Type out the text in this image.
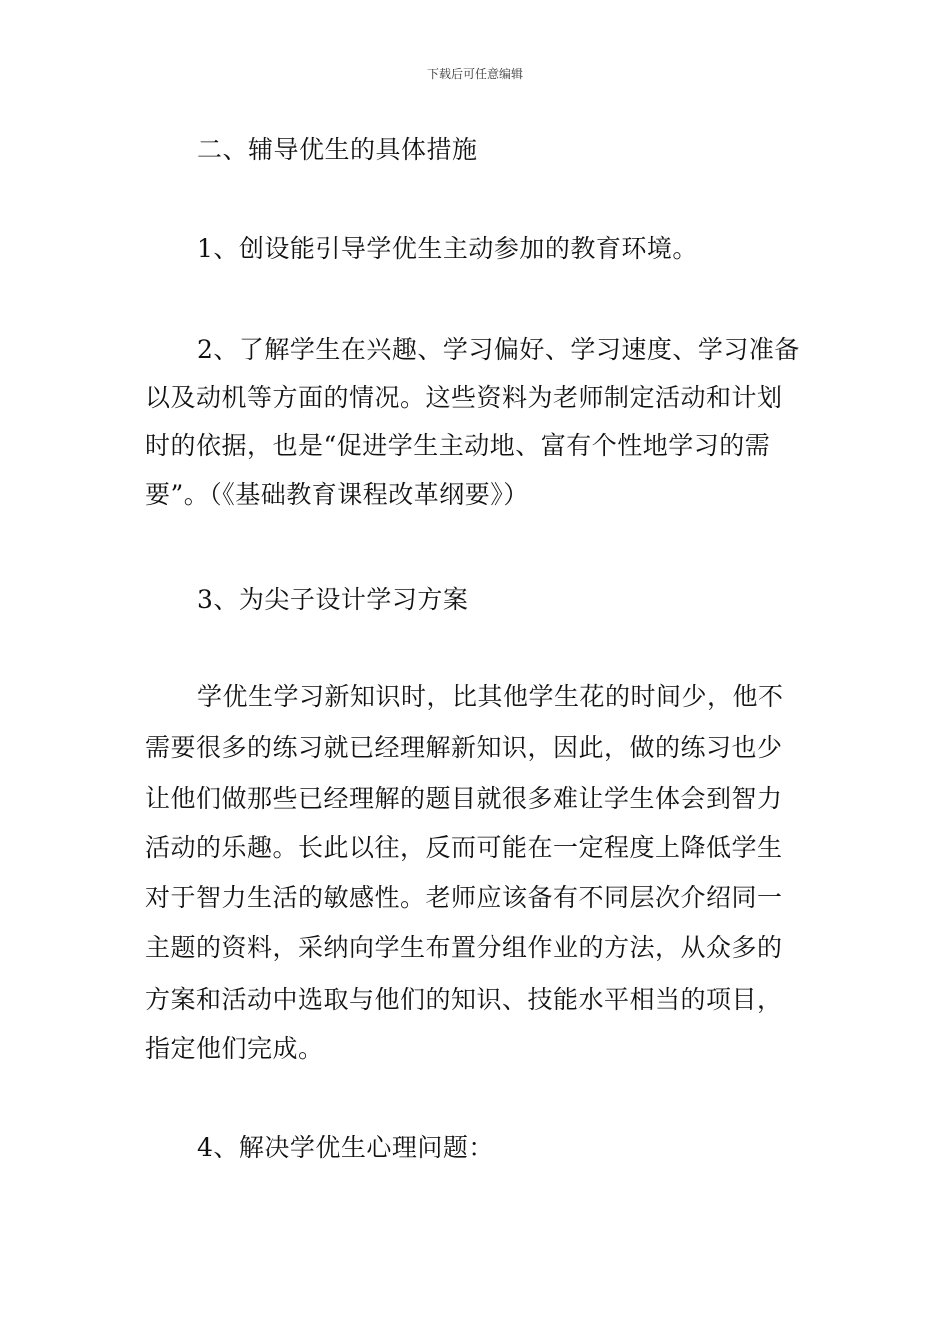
下载后可任意编辑
二、辅导优生的具体措施
1、创设能引导学优生主动参加的教育环境。
2、了解学生在兴趣、学习偏好、学习速度、学习准备
以及动机等方面的情况。这些资料为老师制定活动和计划
时的依据，也是“促进学生主动地、富有个性地学习的需
要”。（《基础教育课程改革纲要》）
3、为尖子设计学习方案
学优生学习新知识时，比其他学生花的时间少，他不
需要很多的练习就已经理解新知识，因此，做的练习也少
让他们做那些已经理解的题目就很多难让学生体会到智力
活动的乐趣。长此以往，反而可能在一定程度上降低学生
对于智力生活的敏感性。老师应该备有不同层次介绍同一
主题的资料，采纳向学生布置分组作业的方法，从众多的
方案和活动中选取与他们的知识、技能水平相当的项目，
指定他们完成。
4、解决学优生心理问题：
